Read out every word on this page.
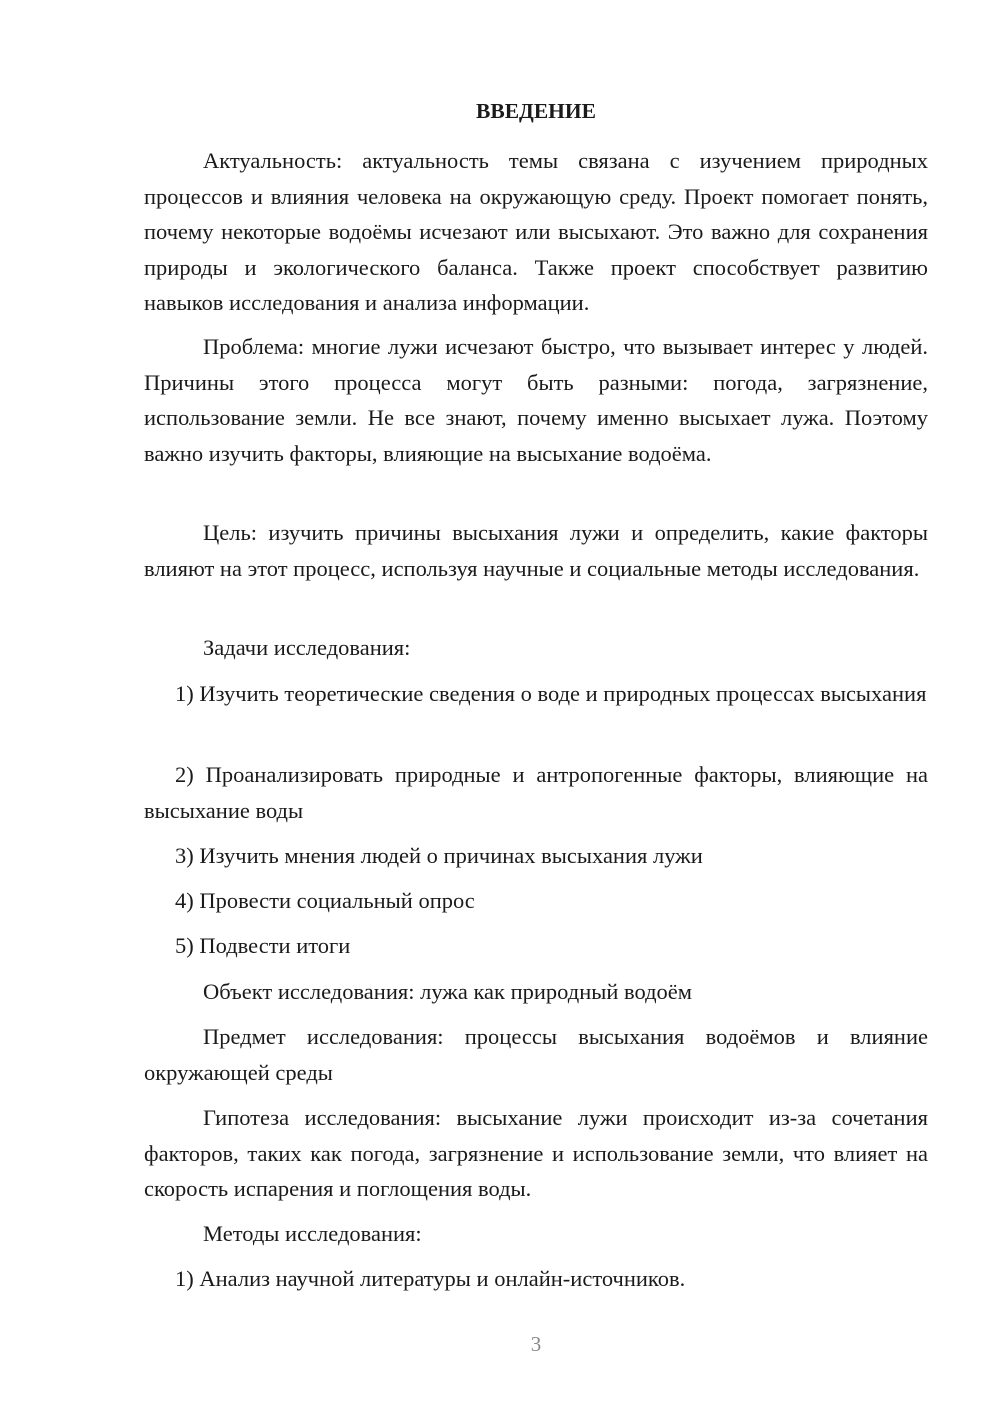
ВВЕДЕНИЕ

Актуальность: актуальность темы связана с изучением природных процессов и влияния человека на окружающую среду. Проект помогает понять, почему некоторые водоёмы исчезают или высыхают. Это важно для сохранения природы и экологического баланса. Также проект способствует развитию навыков исследования и анализа информации.

Проблема: многие лужи исчезают быстро, что вызывает интерес у людей. Причины этого процесса могут быть разными: погода, загрязнение, использование земли. Не все знают, почему именно высыхает лужа. Поэтому важно изучить факторы, влияющие на высыхание водоёма.

Цель: изучить причины высыхания лужи и определить, какие факторы влияют на этот процесс, используя научные и социальные методы исследования.

Задачи исследования:

1) Изучить теоретические сведения о воде и природных процессах высыхания

2) Проанализировать природные и антропогенные факторы, влияющие на высыхание воды

3) Изучить мнения людей о причинах высыхания лужи

4) Провести социальный опрос

5) Подвести итоги

Объект исследования: лужа как природный водоём

Предмет исследования: процессы высыхания водоёмов и влияние окружающей среды

Гипотеза исследования: высыхание лужи происходит из-за сочетания факторов, таких как погода, загрязнение и использование земли, что влияет на скорость испарения и поглощения воды.

Методы исследования:

1) Анализ научной литературы и онлайн-источников.

3
